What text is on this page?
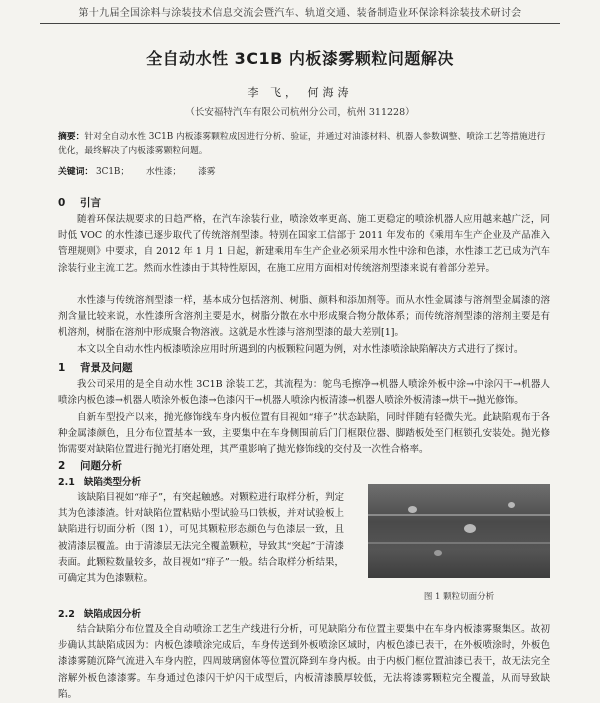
第十九届全国涂料与涂装技术信息交流会暨汽车、轨道交通、装备制造业环保涂料涂装技术研讨会
全自动水性 3C1B 内板漆雾颗粒问题解决
李 飞， 何海涛
（长安福特汽车有限公司杭州分公司，杭州 311228）
摘要：针对全自动水性 3C1B 内板漆雾颗粒成因进行分析、验证，并通过对油漆材料、机器人参数调整、喷涂工艺等措施进行优化，最终解决了内板漆雾颗粒问题。
关键词： 3C1B； 水性漆； 漆雾
0 引言
随着环保法规要求的日趋严格，在汽车涂装行业，喷涂效率更高、施工更稳定的喷涂机器人应用越来越广泛，同时低 VOC 的水性漆已逐步取代了传统溶剂型漆。特别在国家工信部于 2011 年发布的《乘用车生产企业及产品准入管理规则》中要求，自 2012 年 1 月 1 日起，新建乘用车生产企业必须采用水性中涂和色漆，水性漆工艺已成为汽车涂装行业主流工艺。然而水性漆由于其特性原因，在施工应用方面相对传统溶剂型漆来说有着部分差异。
水性漆与传统溶剂型漆一样，基本成分包括溶剂、树脂、颜料和添加剂等。而从水性金属漆与溶剂型金属漆的溶剂含量比较来说，水性漆所含溶剂主要是水，树脂分散在水中形成聚合物分散体系；而传统溶剂型漆的溶剂主要是有机溶剂，树脂在溶剂中形成聚合物溶液。这就是水性漆与溶剂型漆的最大差别[1]。
本文以全自动水性内板漆喷涂应用时所遇到的内板颗粒问题为例，对水性漆喷涂缺陷解决方式进行了探讨。
1 背景及问题
我公司采用的是全自动水性 3C1B 涂装工艺，其流程为：鸵鸟毛擦净→机器人喷涂外板中涂→中涂闪干→机器人喷涂内板色漆→机器人喷涂外板色漆→色漆闪干→机器人喷涂内板清漆→机器人喷涂外板清漆→烘干→抛光修饰。
自新车型投产以来，抛光修饰线车身内板位置有目视如“痱子”状态缺陷，同时伴随有轻微失光。此缺陷观布于各种金属漆颜色，且分布位置基本一致，主要集中在车身侧围前后门门框限位器、脚踏板处至门框锁孔安装处。抛光修饰需要对缺陷位置进行抛光打磨处理，其严重影响了抛光修饰线的交付及一次性合格率。
2 问题分析
2.1 缺陷类型分析
该缺陷目视如“痱子”，有突起触感。对颗粒进行取样分析，判定其为色漆漆渣。针对缺陷位置粘贴小型试验马口铁板，并对试验板上缺陷进行切面分析（图 1），可见其颗粒形态颜色与色漆层一致，且被清漆层覆盖。由于清漆层无法完全覆盖颗粒，导致其“突起”于清漆表面。此颗粒数量较多，故目视如“痱子”一般。结合取样分析结果，可确定其为色漆颗粒。
图 1 颗粒切面分析
2.2 缺陷成因分析
结合缺陷分布位置及全自动喷涂工艺生产线进行分析，可见缺陷分布位置主要集中在车身内板漆雾聚集区。故初步确认其缺陷成因为：内板色漆喷涂完成后，车身传送到外板喷涂区域时，内板色漆已表干，在外板喷涂时，外板色漆漆雾随沉降气流进入车身内腔，四周玻璃窗体等位置沉降到车身内板。由于内板门框位置油漆已表干，故无法完全溶解外板色漆漆雾。车身通过色漆闪干炉闪干成型后，内板清漆膜厚较低，无法将漆雾颗粒完全覆盖，从而导致缺陷。
